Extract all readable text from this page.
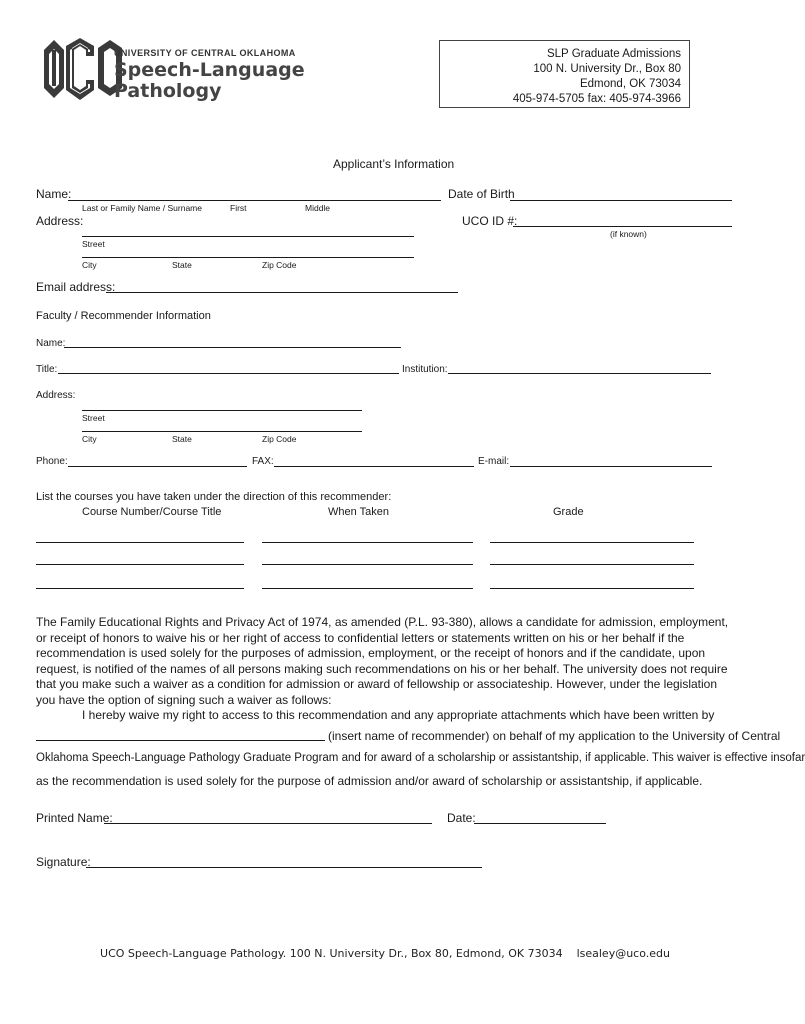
UNIVERSITY OF CENTRAL OKLAHOMA
Speech-Language
Pathology
SLP Graduate Admissions
100 N. University Dr., Box 80
Edmond, OK 73034
405-974-5705 fax: 405-974-3966
Applicant’s Information
Name:
Last or Family Name / Surname	First	Middle
Date of Birth
Address:	UCO ID #:
(if known)
Street
City	State	Zip Code
Email address:
Faculty / Recommender Information
Name:
Title:	Institution:
Address:
Street
City	State	Zip Code
Phone:	FAX:	E-mail:
List the courses you have taken under the direction of this recommender:
Course Number/Course Title	When Taken	Grade
The Family Educational Rights and Privacy Act of 1974, as amended (P.L. 93-380), allows a candidate for admission, employment, or receipt of honors to waive his or her right of access to confidential letters or statements written on his or her behalf if the recommendation is used solely for the purposes of admission, employment, or the receipt of honors and if the candidate, upon request, is notified of the names of all persons making such recommendations on his or her behalf. The university does not require that you make such a waiver as a condition for admission or award of fellowship or associateship. However, under the legislation you have the option of signing such a waiver as follows:
I hereby waive my right to access to this recommendation and any appropriate attachments which have been written by
(insert name of recommender) on behalf of my application to the University of Central
Oklahoma Speech-Language Pathology Graduate Program and for award of a scholarship or assistantship, if applicable. This waiver is effective insofar
as the recommendation is used solely for the purpose of admission and/or award of scholarship or assistantship, if applicable.
Printed Name:	Date:
Signature:
UCO Speech-Language Pathology. 100 N. University Dr., Box 80, Edmond, OK 73034 lsealey@uco.edu
